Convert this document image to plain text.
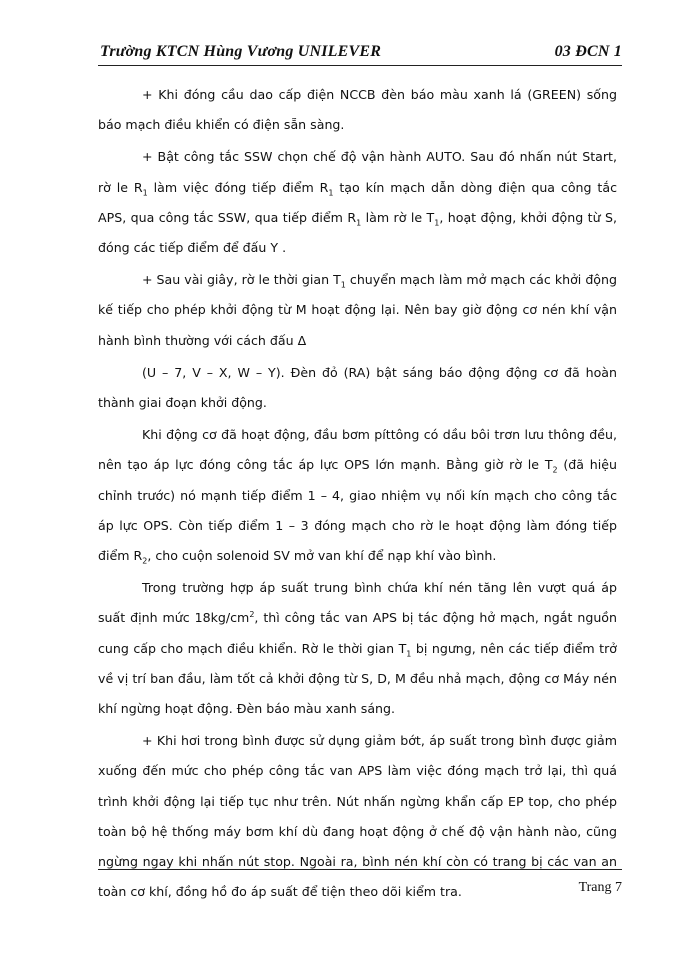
Trường KTCN Hùng Vương UNILEVER	03 ĐCN 1

+ Khi đóng cầu dao cấp điện NCCB đèn báo màu xanh lá (GREEN) sống báo mạch điều khiển có điện sẵn sàng.

+ Bật công tắc SSW chọn chế độ vận hành AUTO. Sau đó nhấn nút Start, rờ le $R_1$ làm việc đóng tiếp điểm $R_1$ tạo kín mạch dẫn dòng điện qua công tắc APS, qua công tắc SSW, qua tiếp điểm $R_1$ làm rờ le $T_1$, hoạt động, khởi động từ S, đóng các tiếp điểm để đấu Y .

+ Sau vài giây, rờ le thời gian $T_1$ chuyển mạch làm mở mạch các khởi động kế tiếp cho phép khởi động từ M hoạt động lại. Nên bay giờ động cơ nén khí vận hành bình thường với cách đấu Δ

(U – 7, V – X, W – Y). Đèn đỏ (RA) bật sáng báo động động cơ đã hoàn thành giai đoạn khởi động.

Khi động cơ đã hoạt động, đầu bơm píttông có dầu bôi trơn lưu thông đều, nên tạo áp lực đóng công tắc áp lực OPS lớn mạnh. Bằng giờ rờ le $T_2$ (đã hiệu chỉnh trước) nó mạnh tiếp điểm 1 – 4, giao nhiệm vụ nối kín mạch cho công tắc áp lực OPS. Còn tiếp điểm 1 – 3 đóng mạch cho rờ le hoạt động làm đóng tiếp điểm $R_2$, cho cuộn solenoid SV mở van khí để nạp khí vào bình.

Trong trường hợp áp suất trung bình chứa khí nén tăng lên vượt quá áp suất định mức $18kg/cm^2$, thì công tắc van APS bị tác động hở mạch, ngắt nguồn cung cấp cho mạch điều khiển. Rờ le thời gian $T_1$ bị ngưng, nên các tiếp điểm trở về vị trí ban đầu, làm tốt cả khởi động từ S, D, M đều nhả mạch, động cơ Máy nén khí ngừng hoạt động. Đèn báo màu xanh sáng.

+ Khi hơi trong bình được sử dụng giảm bớt, áp suất trong bình được giảm xuống đến mức cho phép công tắc van APS làm việc đóng mạch trở lại, thì quá trình khởi động lại tiếp tục như trên. Nút nhấn ngừng khẩn cấp EP top, cho phép toàn bộ hệ thống máy bơm khí dù đang hoạt động ở chế độ vận hành nào, cũng ngừng ngay khi nhấn nút stop. Ngoài ra, bình nén khí còn có trang bị các van an toàn cơ khí, đồng hồ đo áp suất để tiện theo dõi kiểm tra.	Trang 7
